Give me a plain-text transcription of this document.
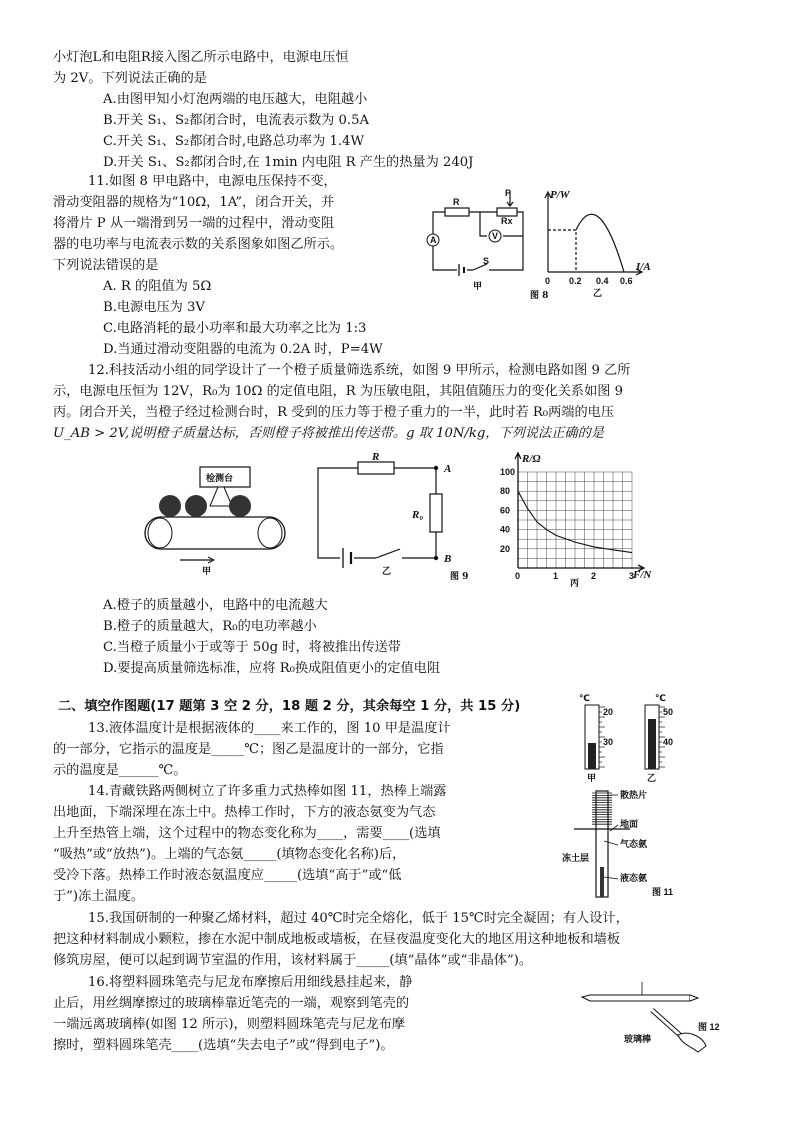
小灯泡L和电阻R接入图乙所示电路中，电源电压恒
为 2V。下列说法正确的是
A.由图甲知小灯泡两端的电压越大，电阻越小
B.开关 S₁、S₂都闭合时，电流表示数为 0.5A
C.开关 S₁、S₂都闭合时,电路总功率为 1.4W
D.开关 S₁、S₂都闭合时,在 1min 内电阻 R 产生的热量为 240J
11.如图 8 甲电路中，电源电压保持不变，
滑动变阻器的规格为“10Ω，1A”，闭合开关，并
将滑片 P 从一端滑到另一端的过程中，滑动变阻
器的电功率与电流表示数的关系图象如图乙所示。
下列说法错误的是
A. R 的阻值为 5Ω
B.电源电压为 3V
C.电路消耗的最小功率和最大功率之比为 1:3
D.当通过滑动变阻器的电流为 0.2A 时，P=4W
12.科技活动小组的同学设计了一个橙子质量筛选系统，如图 9 甲所示，检测电路如图 9 乙所
示，电源电压恒为 12V，R₀为 10Ω 的定值电阻，R 为压敏电阻，其阻值随压力的变化关系如图 9
丙。闭合开关，当橙子经过检测台时，R 受到的压力等于橙子重力的一半，此时若 R₀两端的电压
U_AB > 2V,说明橙子质量达标，否则橙子将被推出传送带。g 取 10N/kg，下列说法正确的是
A.橙子的质量越小，电路中的电流越大
B.橙子的质量越大，R₀的电功率越小
C.当橙子质量小于或等于 50g 时，将被推出传送带
D.要提高质量筛选标准，应将 R₀换成阻值更小的定值电阻
二、填空作图题(17 题第 3 空 2 分，18 题 2 分，其余每空 1 分，共 15 分)
13.液体温度计是根据液体的____来工作的，图 10 甲是温度计
的一部分，它指示的温度是_____℃；图乙是温度计的一部分，它指
示的温度是______℃。
14.青藏铁路两侧树立了许多重力式热棒如图 11，热棒上端露
出地面，下端深埋在冻土中。热棒工作时，下方的液态氨变为气态
上升至热管上端，这个过程中的物态变化称为____，需要____(选填
“吸热”或“放热”)。上端的气态氨_____(填物态变化名称)后，
受冷下落。热棒工作时液态氨温度应_____(选填“高于”或“低
于”)冻土温度。
15.我国研制的一种聚乙烯材料，超过 40℃时完全熔化，低于 15℃时完全凝固；有人设计，
把这种材料制成小颗粒，掺在水泥中制成地板或墙板，在昼夜温度变化大的地区用这种地板和墙板
修筑房屋，便可以起到调节室温的作用，该材料属于_____(填“晶体”或“非晶体”)。
16.将塑料圆珠笔壳与尼龙布摩擦后用细线悬挂起来，静
止后，用丝绸摩擦过的玻璃棒靠近笔壳的一端，观察到笔壳的
一端远离玻璃棒(如图 12 所示)，则塑料圆珠笔壳与尼龙布摩
擦时，塑料圆珠笔壳____(选填“失去电子”或“得到电子”)。
P
R
Rx
A	V
S
甲
P/W
I/A
0 0.2 0.4 0.6
乙
图 8
检测台
甲
R
R₀
A
B
乙
图 9
100
80
60
40
20
0	1	2	3
R/Ω
F/N
丙
℃
20
30
甲
℃
50
40
乙
散热片
地面
气态氨
冻土层
液态氨
图 11
玻璃棒
图 12
